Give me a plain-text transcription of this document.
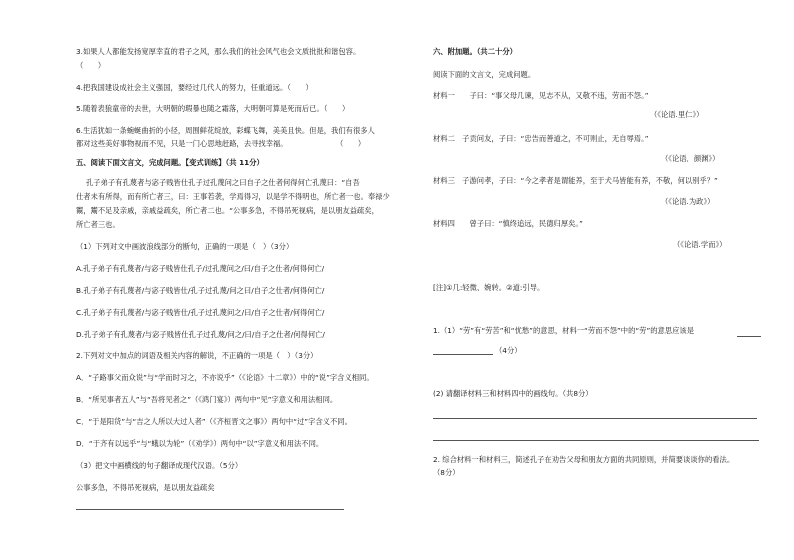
3.如果人人都能发扬宽厚幸直的君子之风，那么我们的社会风气也会文质批批和谐包容。
（　　）
4.把我国建设成社会主义强国，要经过几代人的努力，任重道远。（　　）
5.随着表狼童帝的去世，大明朝的瑕暴也随之霜落，大明朝可算是死而后已。（　　）
6.生活犹如一条蜿蜒曲折的小径，周围鲜花绽放，彩蝶飞舞，美美且快。但是，我们有很多人
都对这些美好事物视而不见，只是一门心思地赶路，去寻找幸福。	（　　）
五、阅读下面文言文，完成问题。【变式训练】（共 11分）
孔子弟子有孔蔑者与宓子贱皆仕孔子过孔蔑问之曰自子之仕者何得何亡孔蔑曰：“自吾
仕者未有所得，而有所亡者三，曰：王事若袭，学焉得习，以是学不得明也，所亡者一也。奉禄少
鬻，鬻不足及亲戚，亲戚益疏矣，所亡者二也。“公事多急，不得吊死视病，是以朋友益疏矣，
所亡者三也。
（1）下列对文中画波浪线部分的断句，正确的一项是（　）（3分）
A.孔子弟子有孔蔑者/与宓子贱皆仕孔子/过孔蔑问之/曰/自子之仕者/何得何亡/
B.孔子弟子有孔蔑者/与宓子贱皆仕/孔子过孔蔑/问之曰/自子之仕者/何得何亡/
C.孔子弟子有孔蔑者/与宓子贱皆仕/孔子过孔蔑问之/曰/自子之仕者/何得何亡/
D.孔子弟子有孔蔑者/与宓子贱皆仕孔子过孔蔑/问之/曰/自子之仕者/何得何亡/
2.下列对文中加点的词语及相关内容的解说，不正确的一项是（　）（3分）
A．“子路事父而众说”与“学而时习之，不亦说乎”（《论语》十二章》）中的“说”字含义相同。
B．“所见事者五人”与“吾将见者之”（《鸿门宴》）两句中“见”字意义和用法相同。
C．“于是阳货”与“吉之人所以大过人者”（《齐桓晋文之事》）两句中“过”字含义不同。
D．“于齐有以远乎”与“蛾以为轮”（《劝学》）两句中“以”字意义和用法不同。
（3）把文中画横线的句子翻译成现代汉语。（5分）
公事多急，不得吊死视病，是以朋友益疏矣
六、附加题。（共二十分）
阅读下面的文言文，完成问题。
材料一　　子曰：“事父母几谏，见志不从，又敬不违，劳而不怨。”
（《论语.里仁》）
材料二　子贡问友，子曰：“忠告而善道之，不可则止，无自辱焉。”
（《论语．颜渊》）
材料三　子游问孝，子曰：“今之孝者是谓能养，至于犬马皆能有养，不敬，何以别乎？”
（《论语.为政》）
材料四　　曾子曰：“慎终追远，民德归厚矣。”
（《论语.学而》）
[注]①几:轻微、婉转。②道:引导。
1.（1）“劳”有“劳苦”和“忧愁”的意思，材料一“劳而不怨”中的“劳”的意思应该是
（4分）
(2) 请翻译材料三和材料四中的画线句。（共8分）
2. 综合材料一和材料三，简述孔子在劝告父母和朋友方面的共同原则，并简要谈谈你的看法。
（8分）
